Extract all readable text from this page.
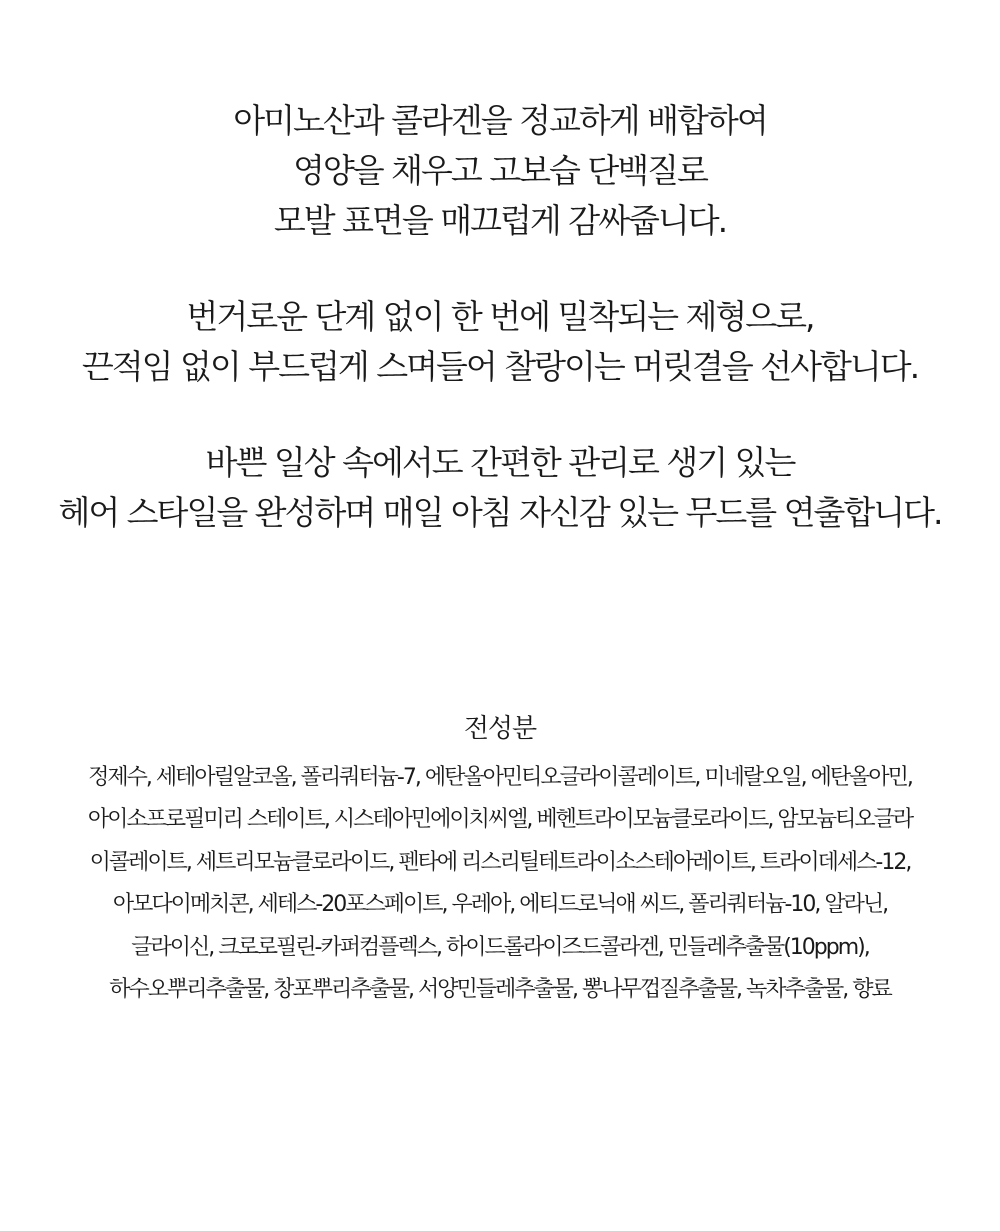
아미노산과 콜라겐을 정교하게 배합하여
영양을 채우고 고보습 단백질로
모발 표면을 매끄럽게 감싸줍니다.

번거로운 단계 없이 한 번에 밀착되는 제형으로,
끈적임 없이 부드럽게 스며들어 찰랑이는 머릿결을 선사합니다.

바쁜 일상 속에서도 간편한 관리로 생기 있는
헤어 스타일을 완성하며 매일 아침 자신감 있는 무드를 연출합니다.

전성분
정제수, 세테아릴알코올, 폴리쿼터늄-7, 에탄올아민티오글라이콜레이트, 미네랄오일, 에탄올아민,
아이소프로필미리 스테이트, 시스테아민에이치씨엘, 베헨트라이모늄클로라이드, 암모늄티오글라
이콜레이트, 세트리모늄클로라이드, 펜타에 리스리틸테트라이소스테아레이트, 트라이데세스-12,
아모다이메치콘, 세테스-20포스페이트, 우레아, 에티드로닉애 씨드, 폴리쿼터늄-10, 알라닌,
글라이신, 크로로필린-카퍼컴플렉스, 하이드롤라이즈드콜라겐, 민들레추출물(10ppm),
하수오뿌리추출물, 창포뿌리추출물, 서양민들레추출물, 뽕나무껍질추출물, 녹차추출물, 향료
